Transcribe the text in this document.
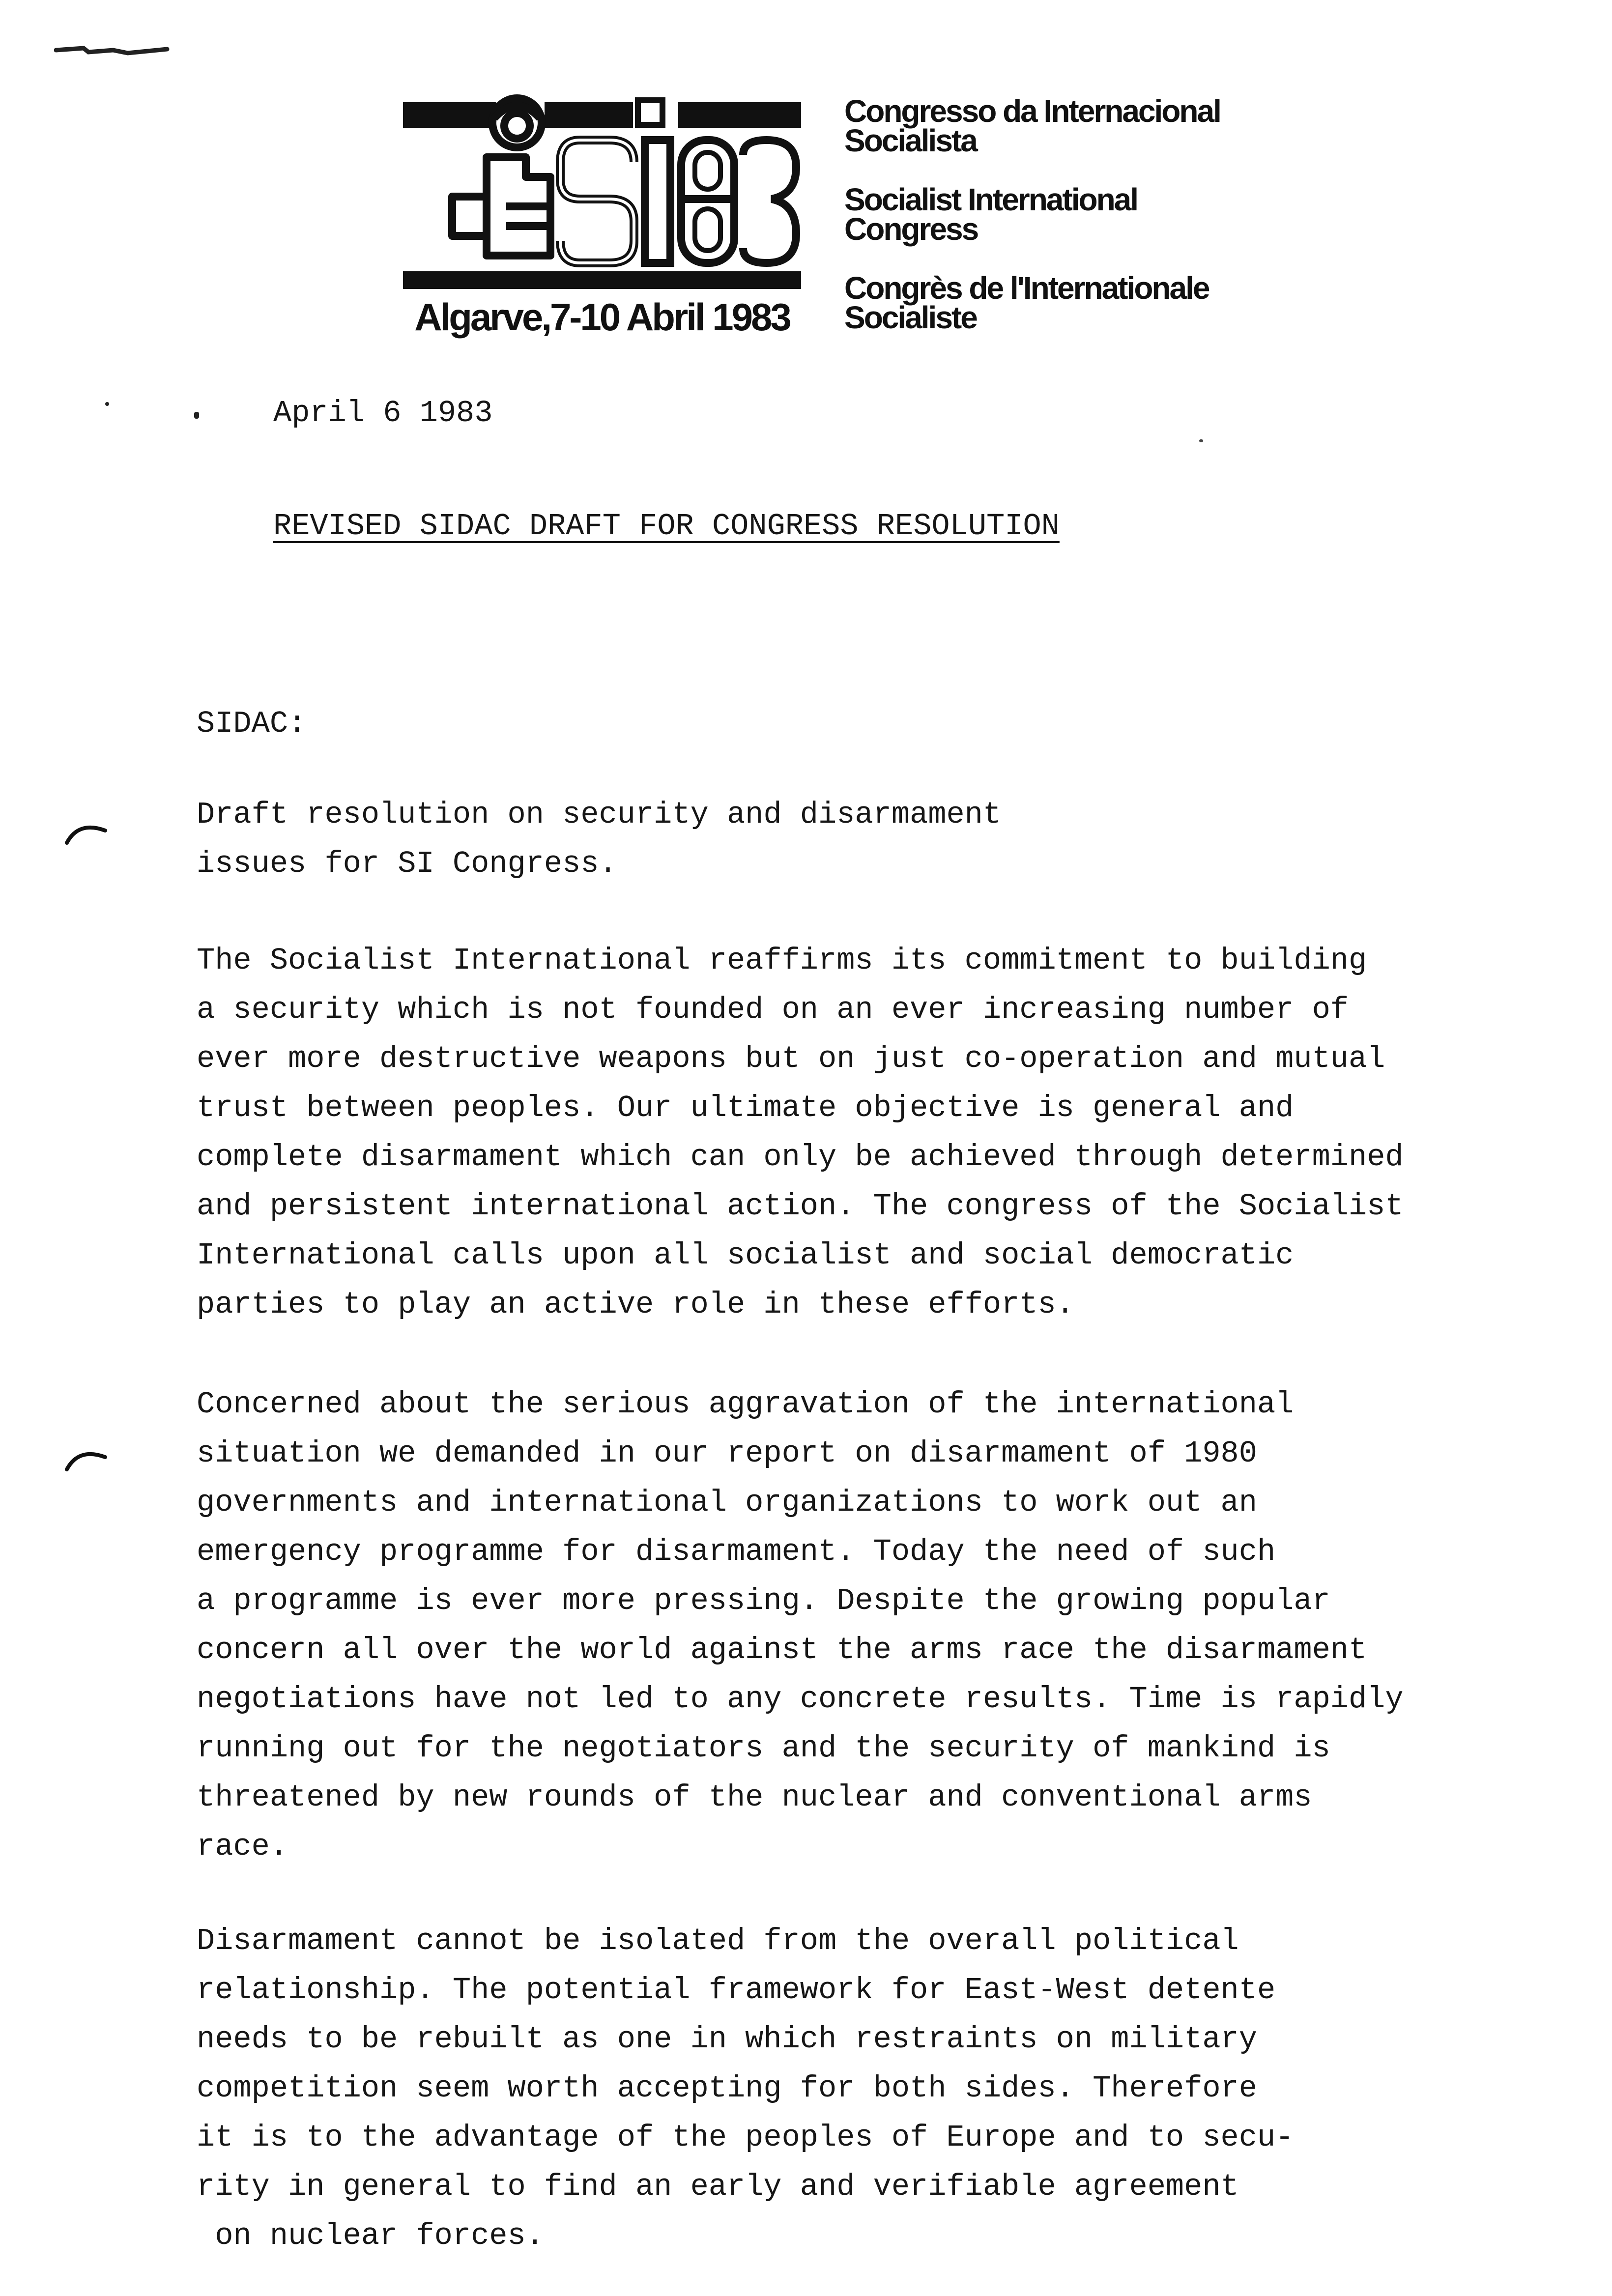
Algarve,7-10 Abril 1983
Congresso da Internacional
Socialista
Socialist International
Congress
Congrès de l'Internationale
Socialiste
April 6 1983
REVISED SIDAC DRAFT FOR CONGRESS RESOLUTION
SIDAC:
Draft resolution on security and disarmament
issues for SI Congress.
The Socialist International reaffirms its commitment to building
a security which is not founded on an ever increasing number of
ever more destructive weapons but on just co-operation and mutual
trust between peoples. Our ultimate objective is general and
complete disarmament which can only be achieved through determined
and persistent international action. The congress of the Socialist
International calls upon all socialist and social democratic
parties to play an active role in these efforts.
Concerned about the serious aggravation of the international
situation we demanded in our report on disarmament of 1980
governments and international organizations to work out an
emergency programme for disarmament. Today the need of such
a programme is ever more pressing. Despite the growing popular
concern all over the world against the arms race the disarmament
negotiations have not led to any concrete results. Time is rapidly
running out for the negotiators and the security of mankind is
threatened by new rounds of the nuclear and conventional arms
race.
Disarmament cannot be isolated from the overall political
relationship. The potential framework for East-West detente
needs to be rebuilt as one in which restraints on military
competition seem worth accepting for both sides. Therefore
it is to the advantage of the peoples of Europe and to secu-
rity in general to find an early and verifiable agreement
on nuclear forces.
